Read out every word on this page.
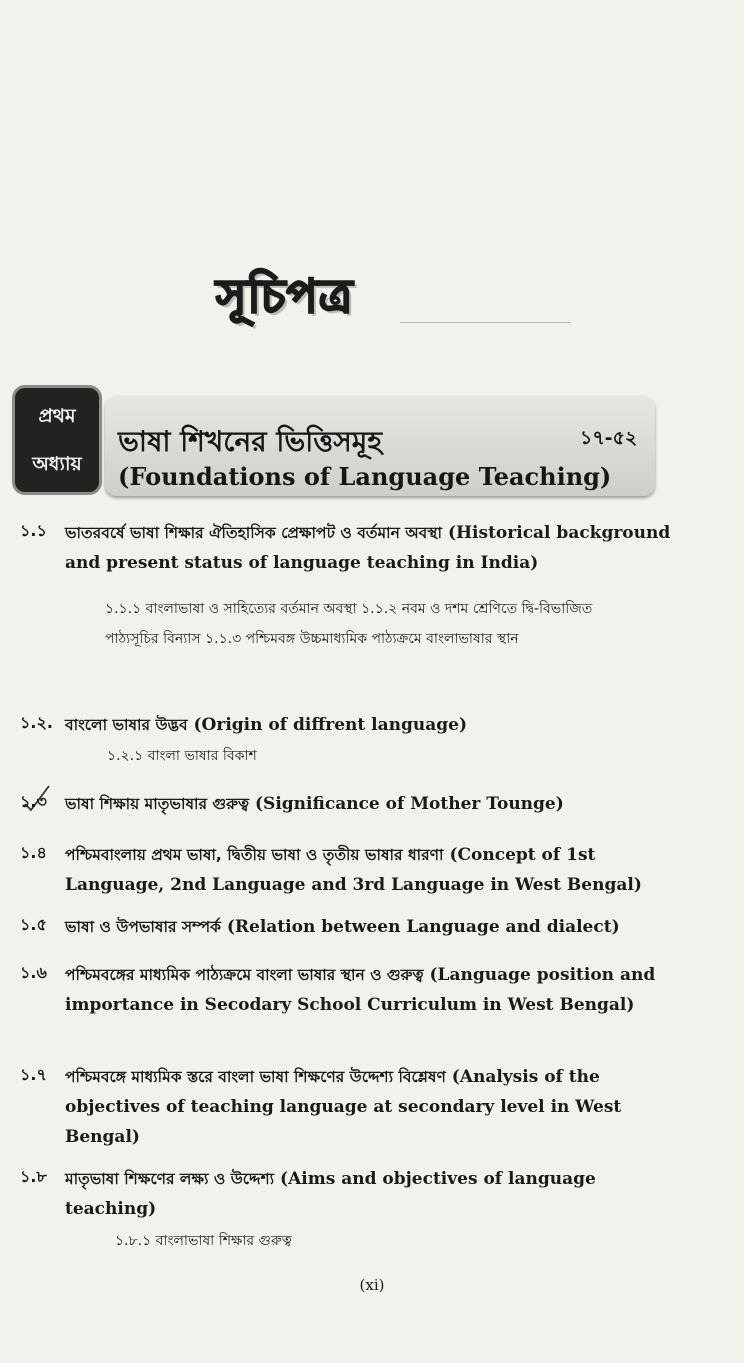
সূচিপত্র
প্রথম
অধ্যায়
ভাষা শিখনের ভিত্তিসমূহ	১৭-৫২
(Foundations of Language Teaching)
১.১ ভাতরবর্ষে ভাষা শিক্ষার ঐতিহাসিক প্রেক্ষাপট ও বর্তমান অবস্থা (Historical background and present status of language teaching in India)
১.১.১ বাংলাভাষা ও সাহিত্যের বর্তমান অবস্থা ১.১.২ নবম ও দশম শ্রেণিতে দ্বি-বিভাজিত পাঠ্যসূচির বিন্যাস ১.১.৩ পশ্চিমবঙ্গ উচ্চমাধ্যমিক পাঠ্যক্রমে বাংলাভাষার স্থান
১.২. বাংলো ভাষার উদ্ভব (Origin of diffrent language)
১.২.১ বাংলা ভাষার বিকাশ
১.৩ ভাষা শিক্ষায় মাতৃভাষার গুরুত্ব (Significance of Mother Tounge)
১.৪ পশ্চিমবাংলায় প্রথম ভাষা, দ্বিতীয় ভাষা ও তৃতীয় ভাষার ধারণা (Concept of 1st Language, 2nd Language and 3rd Language in West Bengal)
১.৫ ভাষা ও উপভাষার সম্পর্ক (Relation between Language and dialect)
১.৬ পশ্চিমবঙ্গের মাধ্যমিক পাঠ্যক্রমে বাংলা ভাষার স্থান ও গুরুত্ব (Language position and importance in Secodary School Curriculum in West Bengal)
১.৭ পশ্চিমবঙ্গে মাধ্যমিক স্তরে বাংলা ভাষা শিক্ষণের উদ্দেশ্য বিশ্লেষণ (Analysis of the objectives of teaching language at secondary level in West Bengal)
১.৮ মাতৃভাষা শিক্ষণের লক্ষ্য ও উদ্দেশ্য (Aims and objectives of language teaching)
১.৮.১ বাংলাভাষা শিক্ষার গুরুত্ব
(xi)
